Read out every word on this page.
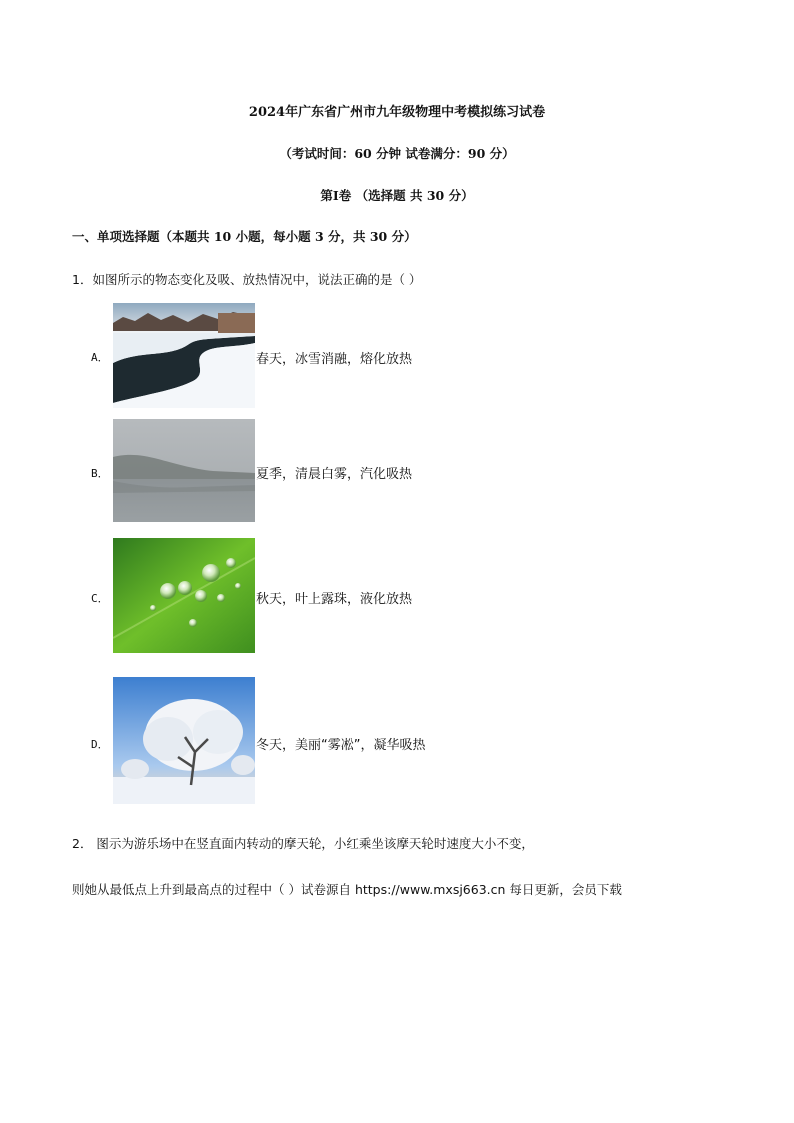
2024年广东省广州市九年级物理中考模拟练习试卷
（考试时间：60 分钟 试卷满分：90 分）
第Ⅰ卷 （选择题 共 30 分）
一、单项选择题（本题共 10 小题，每小题 3 分，共 30 分）
1．如图所示的物态变化及吸、放热情况中，说法正确的是（ ）
A．	春天，冰雪消融，熔化放热
B．	夏季，清晨白雾，汽化吸热
C．	秋天，叶上露珠，液化放热
D．	冬天，美丽“雾凇”，凝华吸热
2． 图示为游乐场中在竖直面内转动的摩天轮，小红乘坐该摩天轮时速度大小不变，
则她从最低点上升到最高点的过程中（ ）试卷源自 https://www.mxsj663.cn 每日更新，会员下载
